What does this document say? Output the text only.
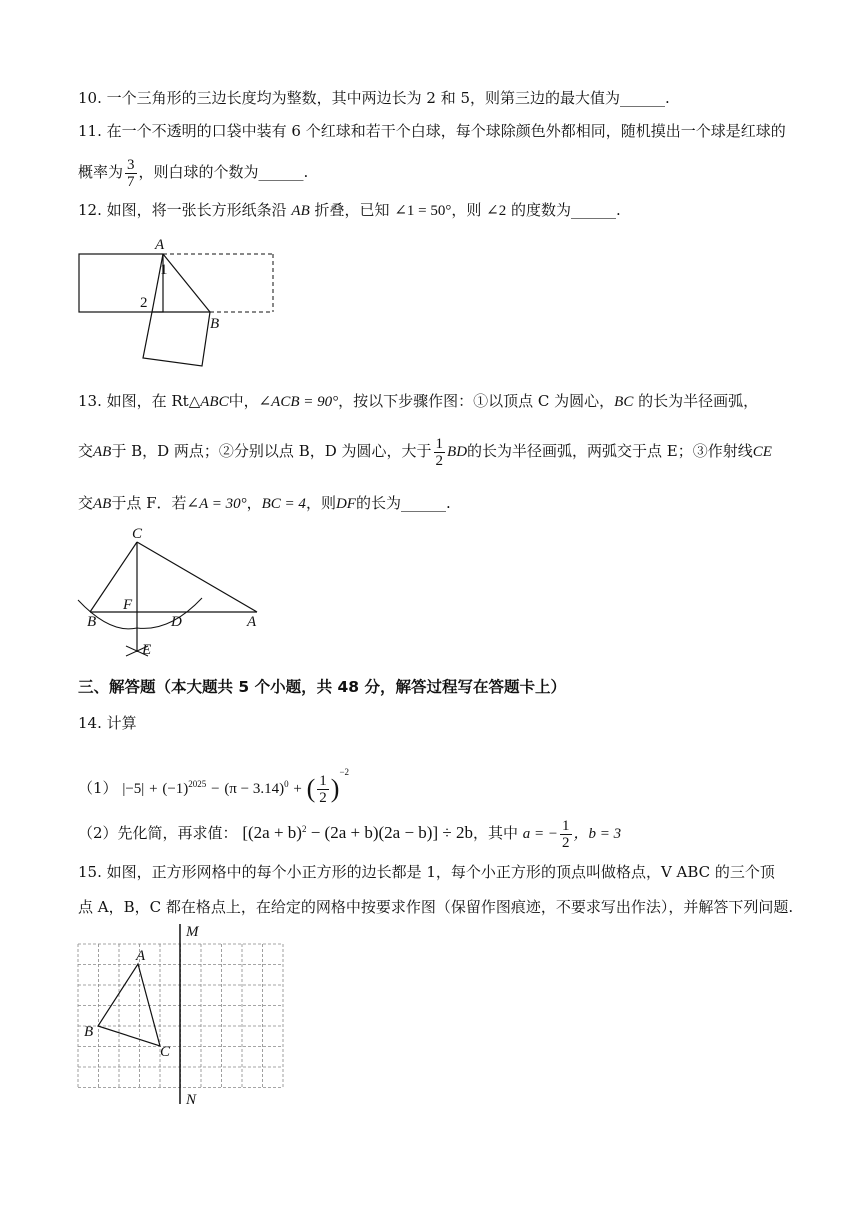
10. 一个三角形的三边长度均为整数，其中两边长为 2 和 5，则第三边的最大值为______.
11. 在一个不透明的口袋中装有 6 个红球和若干个白球，每个球除颜色外都相同，随机摸出一个球是红球的
概率为 $\frac{3}{7}$ ，则白球的个数为______.
12. 如图，将一张长方形纸条沿 AB 折叠，已知 ∠1 = 50°，则 ∠2 的度数为______.
A
1
2
B
13. 如图，在 Rt△ABC中，∠ACB = 90°，按以下步骤作图：①以顶点 C 为圆心，BC 的长为半径画弧，
交AB于 B，D 两点；②分别以点 B，D 为圆心，大于 $\frac{1}{2}$ BD的长为半径画弧，两弧交于点 E；③作射线CE
交AB于点 F．若∠A = 30°，BC = 4，则DF的长为______.
C
F
B	D	A
E
三、解答题（本大题共 5 个小题，共 48 分，解答过程写在答题卡上）
14. 计算
（1） $|-5| + (-1)^{2025} - (\pi - 3.14)^0$ + ( $\frac{1}{2} )^{-2}$
（2）先化简，再求值： $[(2a + b)^2 - (2a + b)(2a - b)] \div 2b$，其中 a = − $\frac{1}{2}$ ，b = 3
15. 如图，正方形网格中的每个小正方形的边长都是 1，每个小正方形的顶点叫做格点，V ABC 的三个顶
点 A，B，C 都在格点上，在给定的网格中按要求作图（保留作图痕迹，不要求写出作法），并解答下列问题.
M
N
A
B
C
